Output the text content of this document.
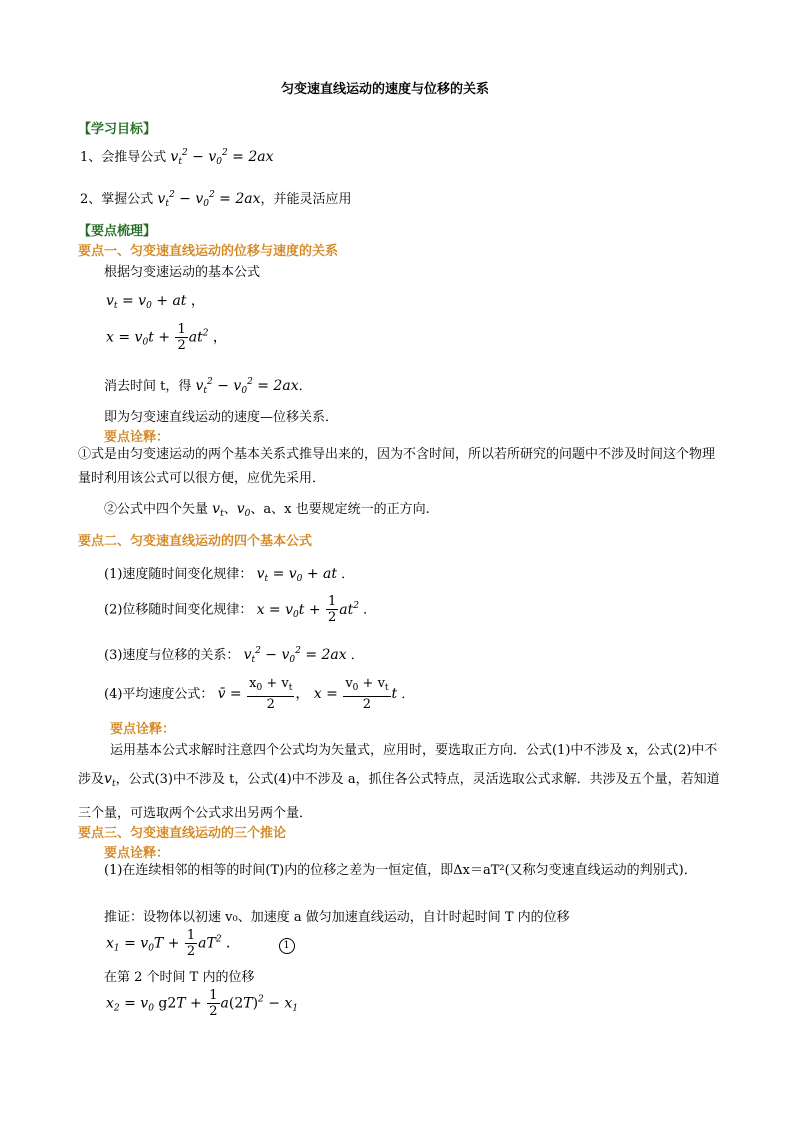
匀变速直线运动的速度与位移的关系
【学习目标】
1、会推导公式 $v_t^2 - v_0^2 = 2ax$
2、掌握公式 $v_t^2 - v_0^2 = 2ax$，并能灵活应用
【要点梳理】
要点一、匀变速直线运动的位移与速度的关系
根据匀变速运动的基本公式
$v_t = v_0$ + at ，
$x = v_0t + \frac{1}{2} at^2$ ，
消去时间 t，得 $v_t^2 - v_0^2 = 2ax$．
即为匀变速直线运动的速度—位移关系．
要点诠释：
①式是由匀变速运动的两个基本关系式推导出来的，因为不含时间，所以若所研究的问题中不涉及时间这个物理量时利用该公式可以很方便，应优先采用．
②公式中四个矢量 $v_t$、$v_0$、a、x 也要规定统一的正方向.
要点二、匀变速直线运动的四个基本公式
(1)速度随时间变化规律： $v_t = v_0$ + at ．
(2)位移随时间变化规律： $x = v_0t + \frac{1}{2} at^2$ ．
(3)速度与位移的关系： $v_t^2 - v_0^2 = 2ax$ ．
(4)平均速度公式： v̄ = $\frac{x_0 + v_t}{2}$ ， $x = \frac{v_0 + v_t}{2}$ t ．
要点诠释：
运用基本公式求解时注意四个公式均为矢量式，应用时，要选取正方向．公式(1)中不涉及 x，公式(2)中不涉及$v_t$，公式(3)中不涉及 t，公式(4)中不涉及 a，抓住各公式特点，灵活选取公式求解．共涉及五个量，若知道三个量，可选取两个公式求出另两个量．
要点三、匀变速直线运动的三个推论
要点诠释：
(1)在连续相邻的相等的时间(T)内的位移之差为一恒定值，即Δx＝aT²(又称匀变速直线运动的判别式)．
推证：设物体以初速 v₀、加速度 a 做匀加速直线运动，自计时起时间 T 内的位移
$x_1 = v_0T + \frac{1}{2} aT^2$ ．	1
在第 2 个时间 T 内的位移
$x_2 = v_0$ $g2T + \frac{1}{2} a(2T)^2 - x_1$
